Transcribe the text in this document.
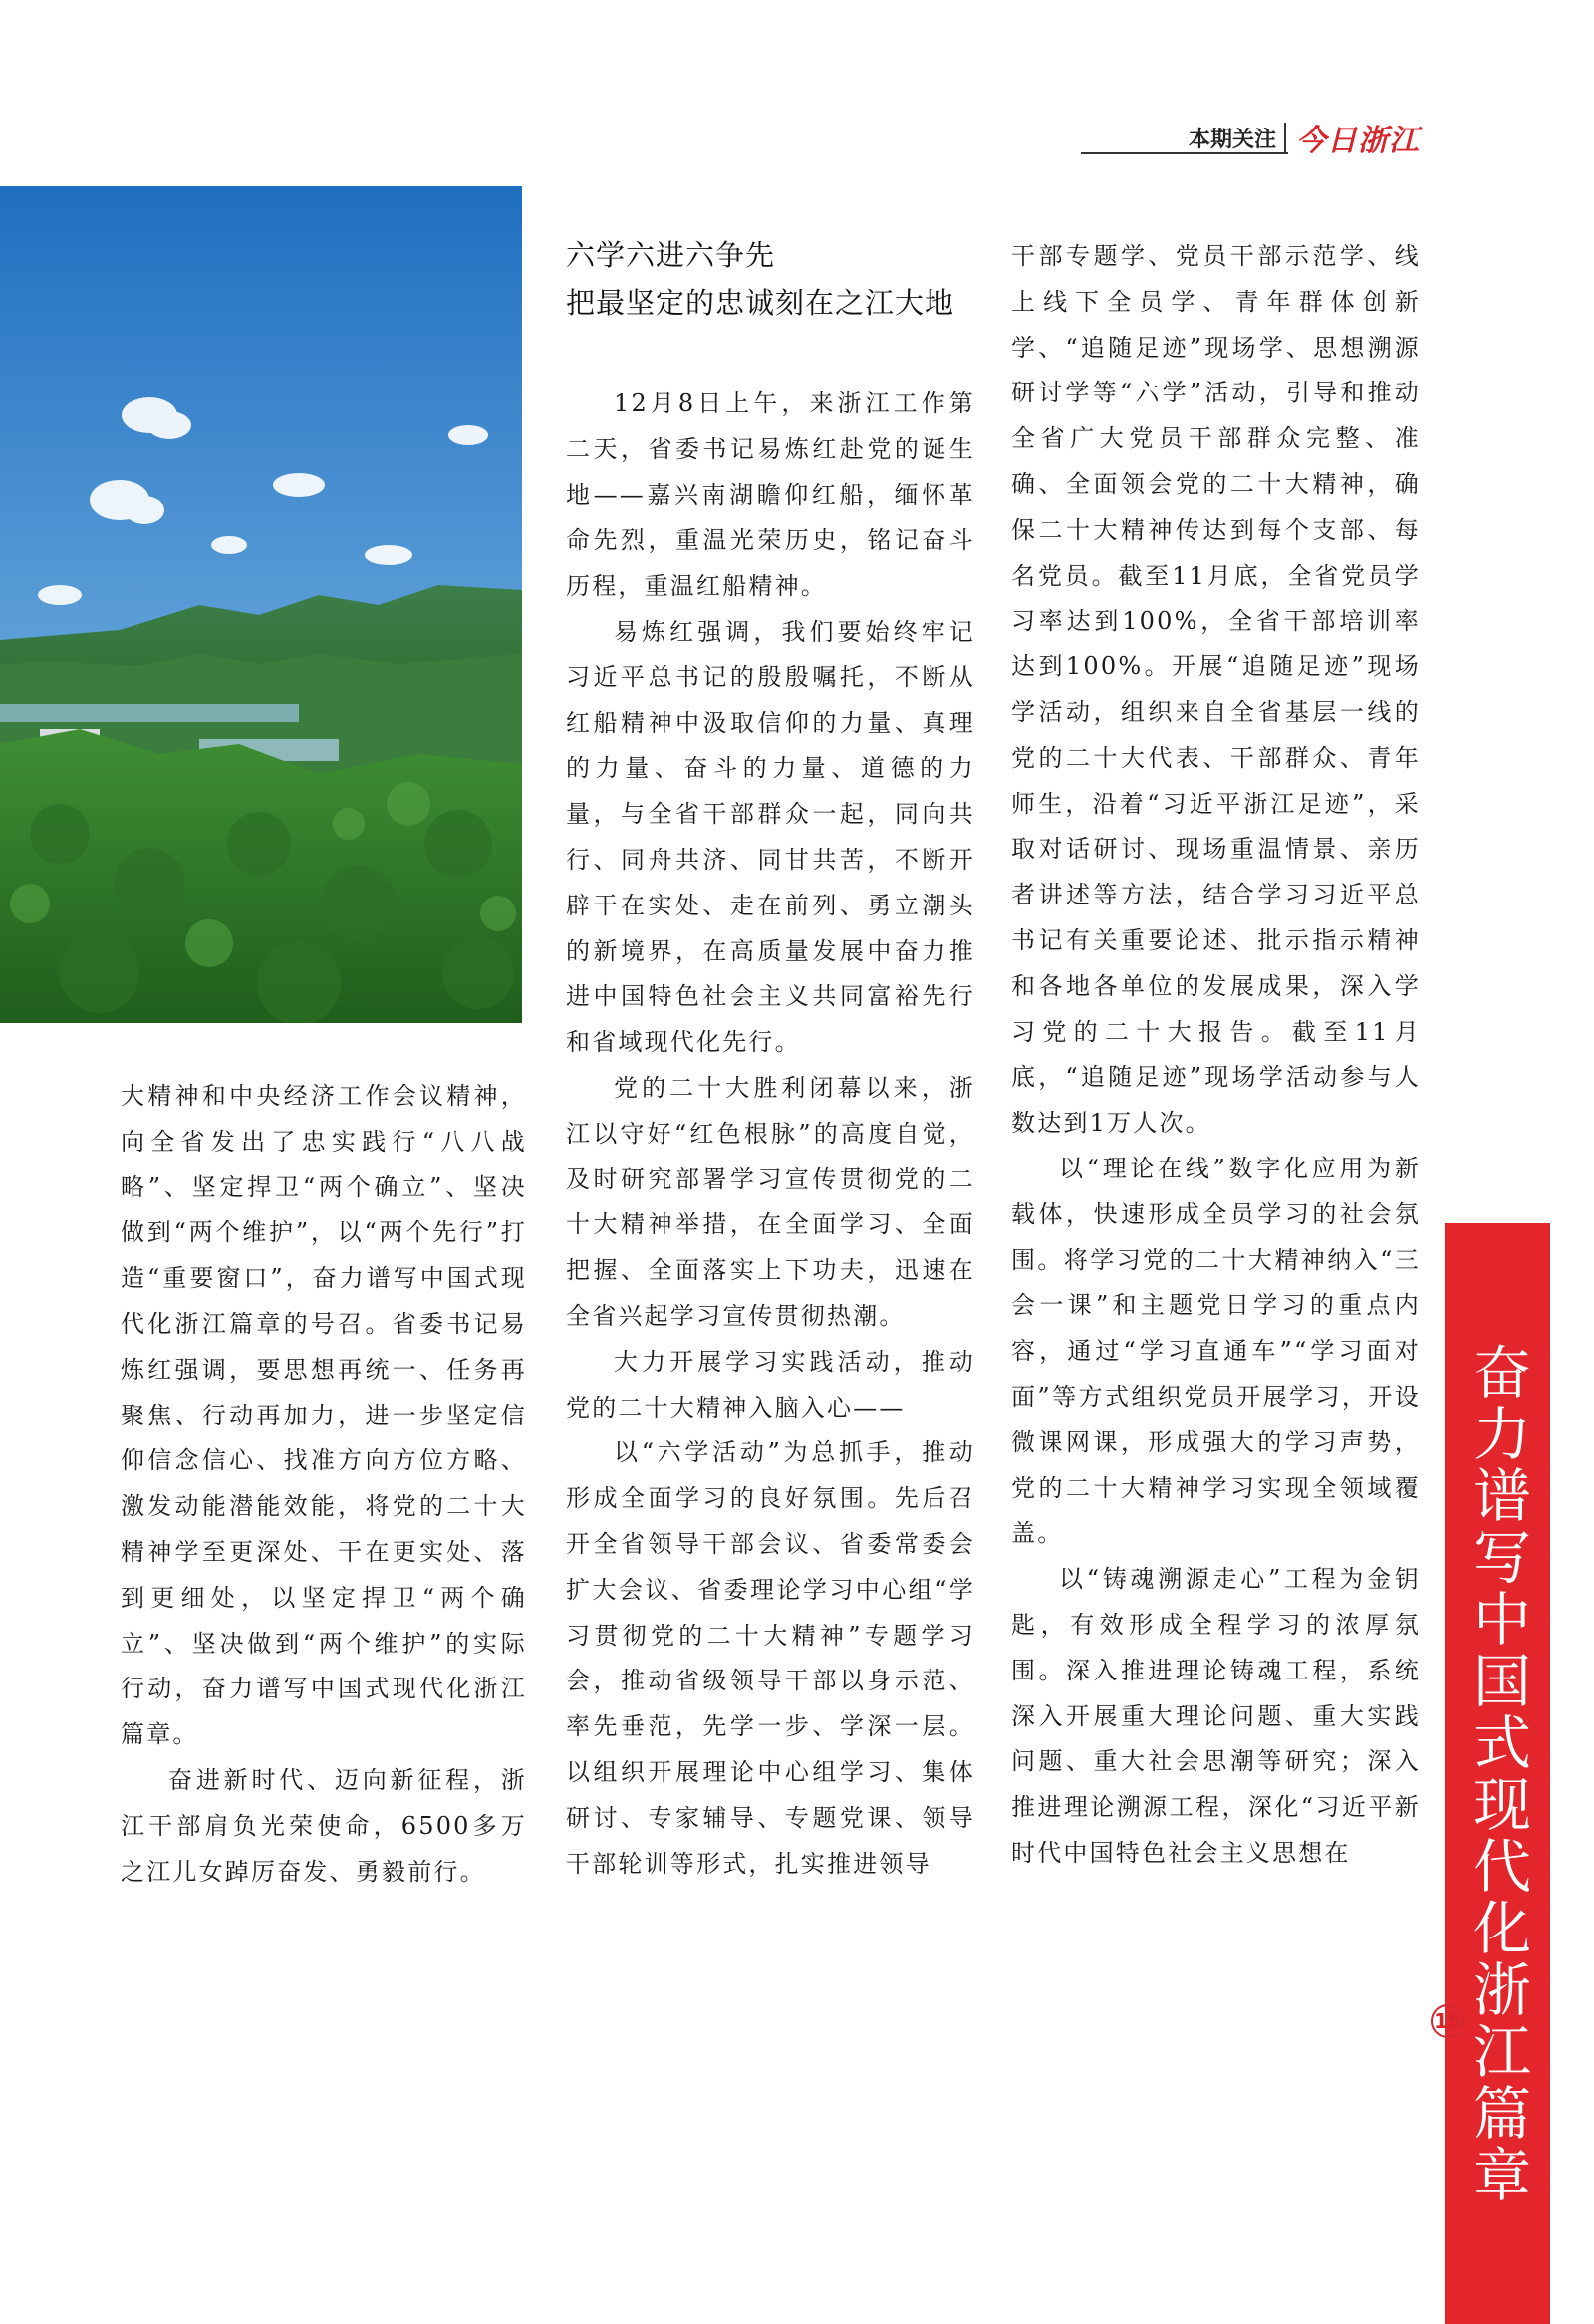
本期关注 今日浙江
六学六进六争先
把最坚定的忠诚刻在之江大地

大精神和中央经济工作会议精神，向全省发出了忠实践行“八八战略”、坚定捍卫“两个确立”、坚决做到“两个维护”，以“两个先行”打造“重要窗口”，奋力谱写中国式现代化浙江篇章的号召。省委书记易炼红强调，要思想再统一、任务再聚焦、行动再加力，进一步坚定信仰信念信心、找准方向方位方略、激发动能潜能效能，将党的二十大精神学至更深处、干在更实处、落到更细处，以坚定捍卫“两个确立”、坚决做到“两个维护”的实际行动，奋力谱写中国式现代化浙江篇章。

奋进新时代、迈向新征程，浙江干部肩负光荣使命，6500多万之江儿女踔厉奋发、勇毅前行。

12月8日上午，来浙江工作第二天，省委书记易炼红赴党的诞生地——嘉兴南湖瞻仰红船，缅怀革命先烈，重温光荣历史，铭记奋斗历程，重温红船精神。

易炼红强调，我们要始终牢记习近平总书记的殷殷嘱托，不断从红船精神中汲取信仰的力量、真理的力量、奋斗的力量、道德的力量，与全省干部群众一起，同向共行、同舟共济、同甘共苦，不断开辟干在实处、走在前列、勇立潮头的新境界，在高质量发展中奋力推进中国特色社会主义共同富裕先行和省域现代化先行。

党的二十大胜利闭幕以来，浙江以守好“红色根脉”的高度自觉，及时研究部署学习宣传贯彻党的二十大精神举措，在全面学习、全面把握、全面落实上下功夫，迅速在全省兴起学习宣传贯彻热潮。

大力开展学习实践活动，推动党的二十大精神入脑入心——

以“六学活动”为总抓手，推动形成全面学习的良好氛围。先后召开全省领导干部会议、省委常委会扩大会议、省委理论学习中心组“学习贯彻党的二十大精神”专题学习会，推动省级领导干部以身示范、率先垂范，先学一步、学深一层。以组织开展理论中心组学习、集体研讨、专家辅导、专题党课、领导干部轮训等形式，扎实推进领导

干部专题学、党员干部示范学、线上线下全员学、青年群体创新学、“追随足迹”现场学、思想溯源研讨学等“六学”活动，引导和推动全省广大党员干部群众完整、准确、全面领会党的二十大精神，确保二十大精神传达到每个支部、每名党员。截至11月底，全省党员学习率达到100%，全省干部培训率达到100%。开展“追随足迹”现场学活动，组织来自全省基层一线的党的二十大代表、干部群众、青年师生，沿着“习近平浙江足迹”，采取对话研讨、现场重温情景、亲历者讲述等方法，结合学习习近平总书记有关重要论述、批示指示精神和各地各单位的发展成果，深入学习党的二十大报告。截至11月底，“追随足迹”现场学活动参与人数达到1万人次。

以“理论在线”数字化应用为新载体，快速形成全员学习的社会氛围。将学习党的二十大精神纳入“三会一课”和主题党日学习的重点内容，通过“学习直通车”“学习面对面”等方式组织党员开展学习，开设微课网课，形成强大的学习声势，党的二十大精神学习实现全领域覆盖。

以“铸魂溯源走心”工程为金钥匙，有效形成全程学习的浓厚氛围。深入推进理论铸魂工程，系统深入开展重大理论问题、重大实践问题、重大社会思潮等研究；深入推进理论溯源工程，深化“习近平新时代中国特色社会主义思想在	奋力谱写中国式现代化浙江篇章
15
